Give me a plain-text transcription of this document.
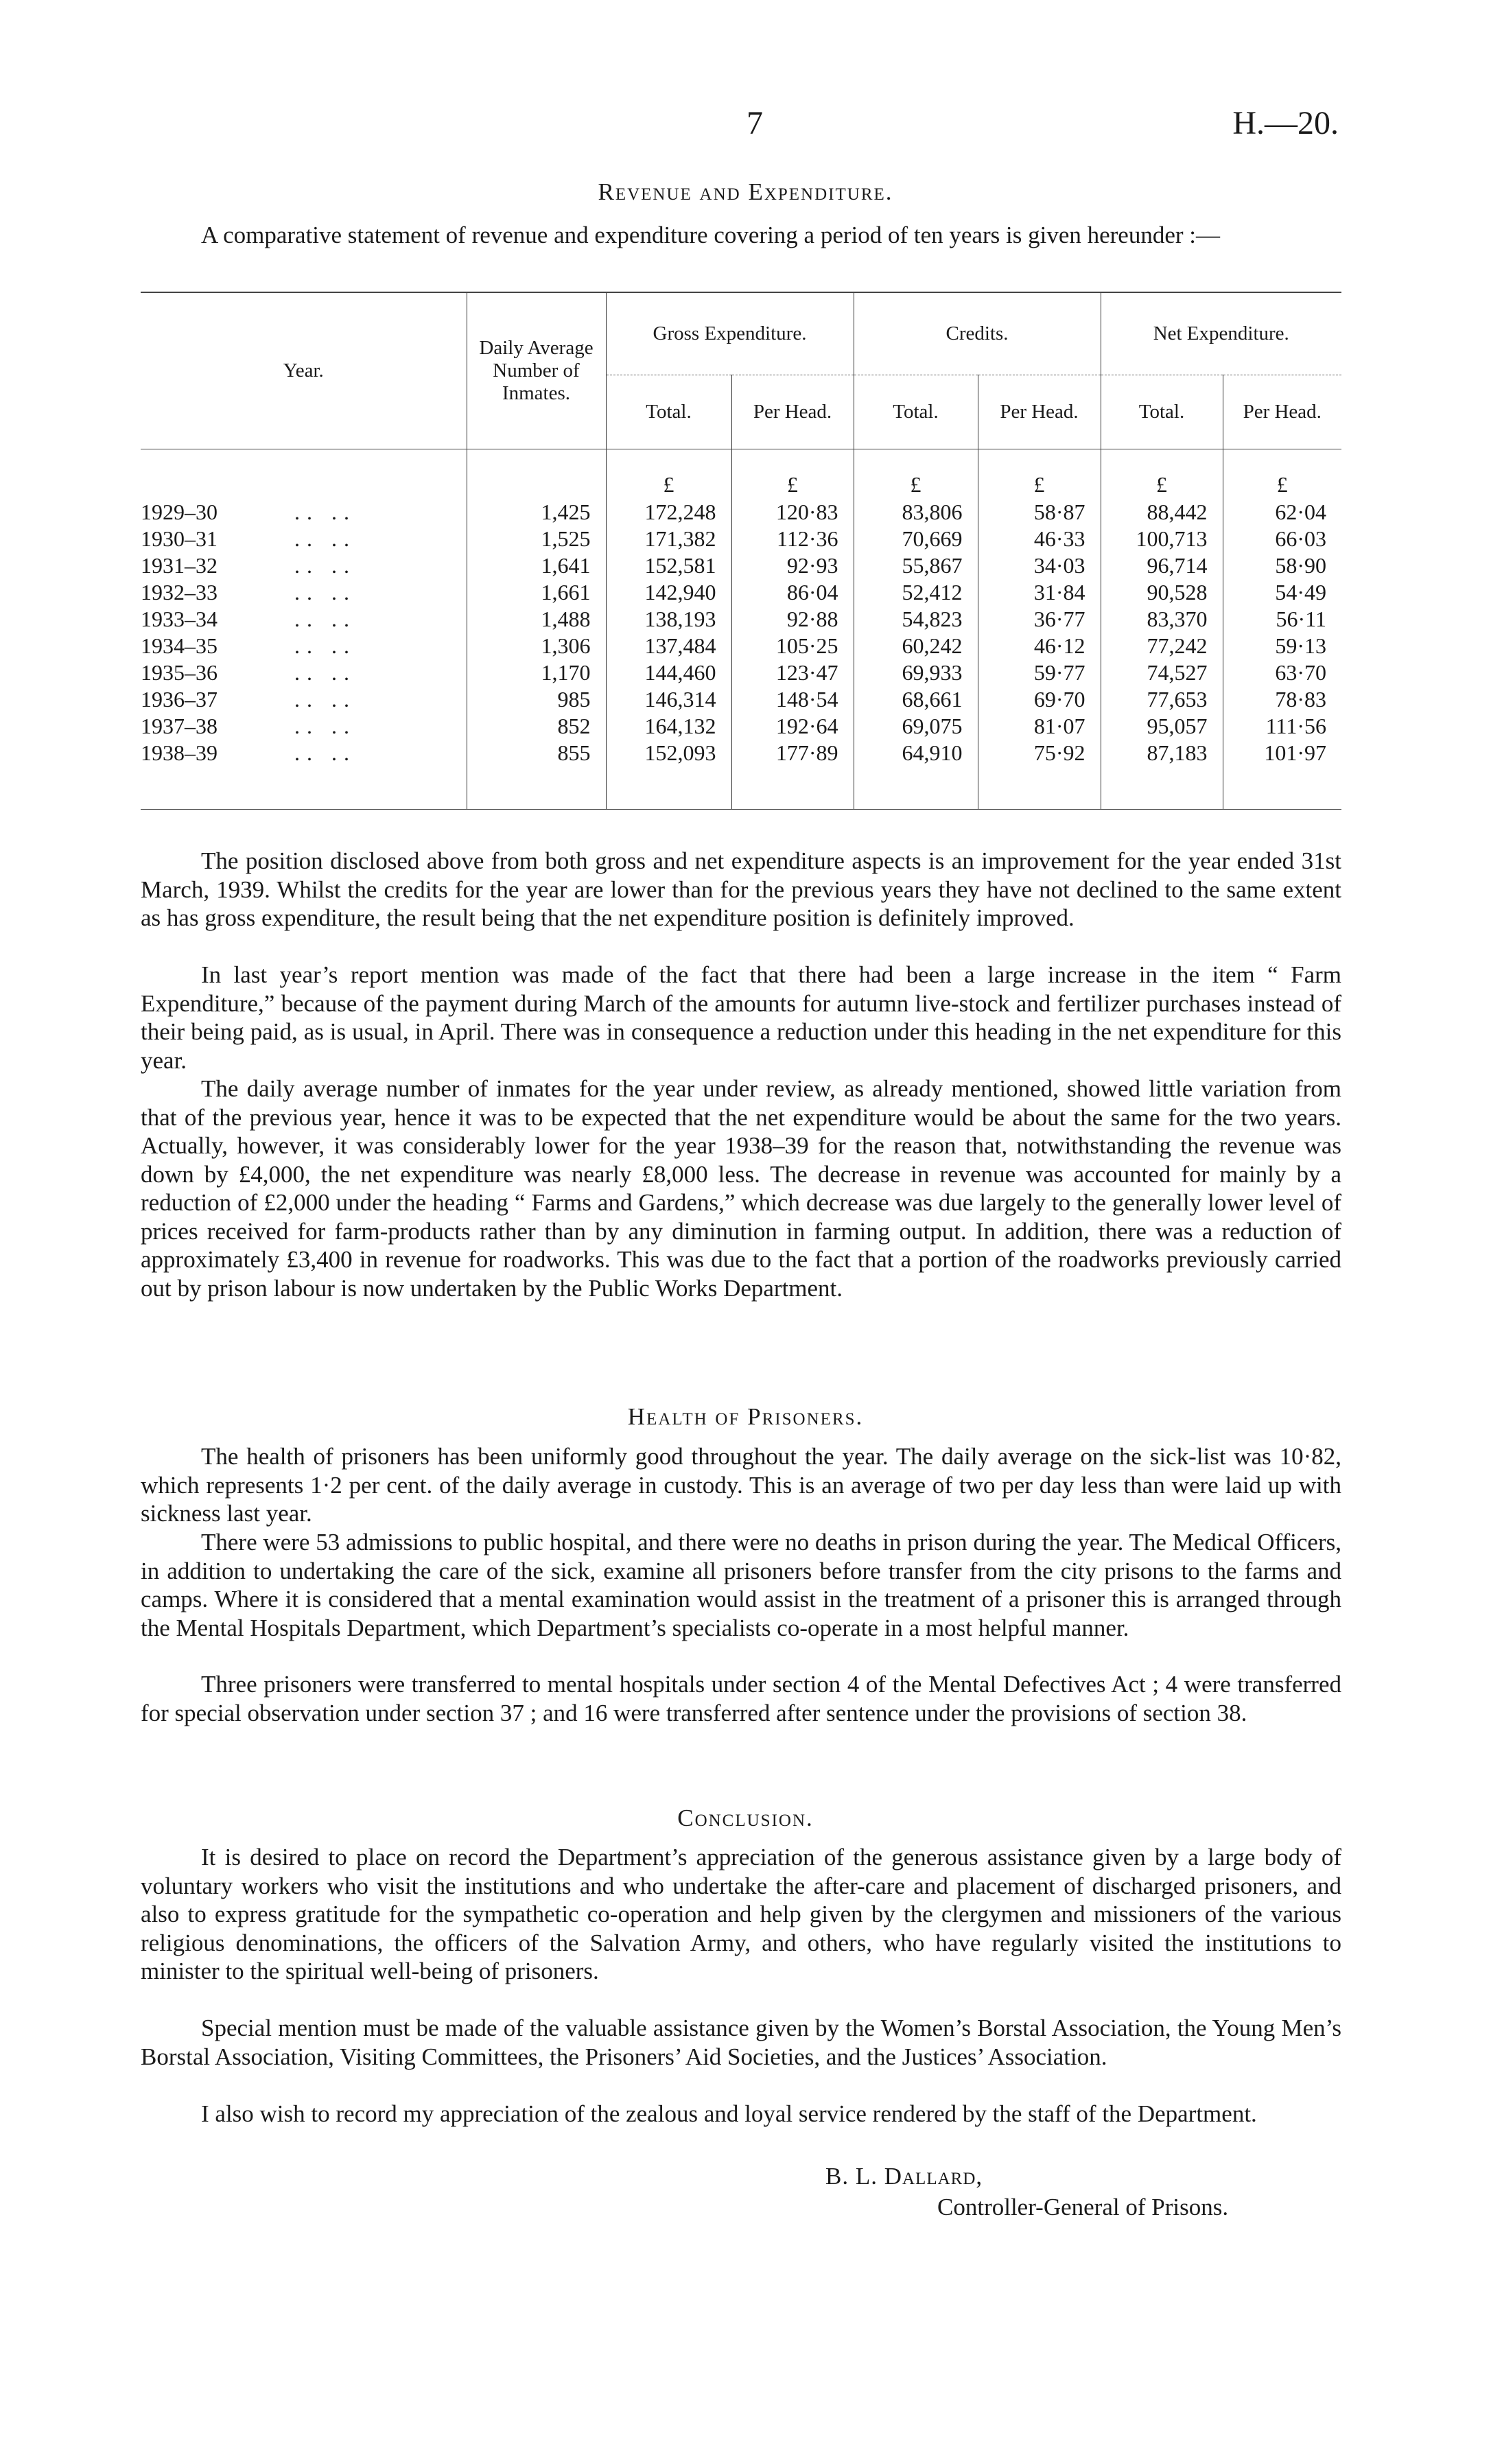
7	H.—20.
Revenue and Expenditure.

A comparative statement of revenue and expenditure covering a period of ten years is given hereunder :—

Year.	Daily Average Number of Inmates.	Gross Expenditure.		Credits.		Net Expenditure.	
		Total.	Per Head.	Total.	Per Head.	Total.	Per Head.

		£	£	£	£	£	£
1929–30 .. ..	1,425	172,248	120·83	83,806	58·87	88,442	62·04
1930–31 .. ..	1,525	171,382	112·36	70,669	46·33	100,713	66·03
1931–32 .. ..	1,641	152,581	92·93	55,867	34·03	96,714	58·90
1932–33 .. ..	1,661	142,940	86·04	52,412	31·84	90,528	54·49
1933–34 .. ..	1,488	138,193	92·88	54,823	36·77	83,370	56·11
1934–35 .. ..	1,306	137,484	105·25	60,242	46·12	77,242	59·13
1935–36 .. ..	1,170	144,460	123·47	69,933	59·77	74,527	63·70
1936–37 .. ..	985	146,314	148·54	68,661	69·70	77,653	78·83
1937–38 .. ..	852	164,132	192·64	69,075	81·07	95,057	111·56
1938–39 .. ..	855	152,093	177·89	64,910	75·92	87,183	101·97

The position disclosed above from both gross and net expenditure aspects is an improvement for the year ended 31st March, 1939. Whilst the credits for the year are lower than for the previous years they have not declined to the same extent as has gross expenditure, the result being that the net expenditure position is definitely improved.

In last year’s report mention was made of the fact that there had been a large increase in the item “ Farm Expenditure,” because of the payment during March of the amounts for autumn live-stock and fertilizer purchases instead of their being paid, as is usual, in April. There was in consequence a reduction under this heading in the net expenditure for this year.

The daily average number of inmates for the year under review, as already mentioned, showed little variation from that of the previous year, hence it was to be expected that the net expenditure would be about the same for the two years. Actually, however, it was considerably lower for the year 1938–39 for the reason that, notwithstanding the revenue was down by £4,000, the net expenditure was nearly £8,000 less. The decrease in revenue was accounted for mainly by a reduction of £2,000 under the heading “ Farms and Gardens,” which decrease was due largely to the generally lower level of prices received for farm-products rather than by any diminution in farming output. In addition, there was a reduction of approximately £3,400 in revenue for roadworks. This was due to the fact that a portion of the roadworks previously carried out by prison labour is now undertaken by the Public Works Department.

Health of Prisoners.

The health of prisoners has been uniformly good throughout the year. The daily average on the sick-list was 10·82, which represents 1·2 per cent. of the daily average in custody. This is an average of two per day less than were laid up with sickness last year.

There were 53 admissions to public hospital, and there were no deaths in prison during the year. The Medical Officers, in addition to undertaking the care of the sick, examine all prisoners before transfer from the city prisons to the farms and camps. Where it is considered that a mental examination would assist in the treatment of a prisoner this is arranged through the Mental Hospitals Department, which Department’s specialists co-operate in a most helpful manner.

Three prisoners were transferred to mental hospitals under section 4 of the Mental Defectives Act ; 4 were transferred for special observation under section 37 ; and 16 were transferred after sentence under the provisions of section 38.

Conclusion.

It is desired to place on record the Department’s appreciation of the generous assistance given by a large body of voluntary workers who visit the institutions and who undertake the after-care and placement of discharged prisoners, and also to express gratitude for the sympathetic co-operation and help given by the clergymen and missioners of the various religious denominations, the officers of the Salvation Army, and others, who have regularly visited the institutions to minister to the spiritual well-being of prisoners.

Special mention must be made of the valuable assistance given by the Women’s Borstal Association, the Young Men’s Borstal Association, Visiting Committees, the Prisoners’ Aid Societies, and the Justices’ Association.

I also wish to record my appreciation of the zealous and loyal service rendered by the staff of the Department.

B. L. Dallard,
Controller-General of Prisons.
